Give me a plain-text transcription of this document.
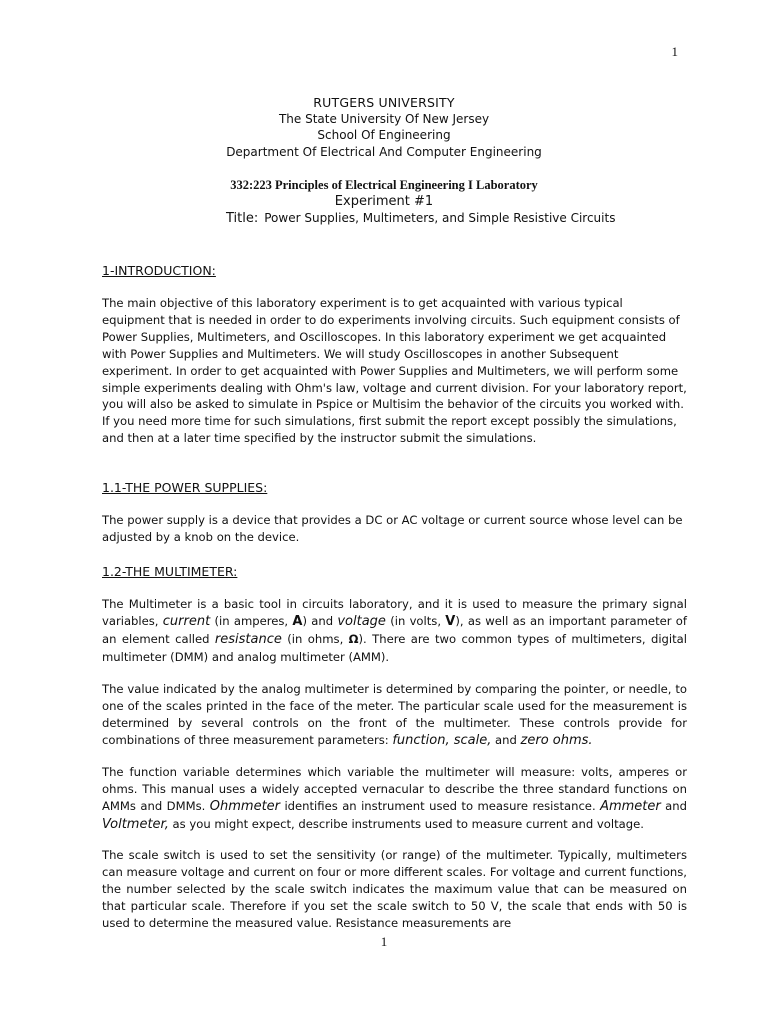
1
RUTGERS UNIVERSITY
The State University Of New Jersey
School Of Engineering
Department Of Electrical And Computer Engineering
332:223 Principles of Electrical Engineering I Laboratory
Experiment #1
Title: Power Supplies, Multimeters, and Simple Resistive Circuits
1-INTRODUCTION:

The main objective of this laboratory experiment is to get acquainted with various typical equipment that is needed in order to do experiments involving circuits. Such equipment consists of Power Supplies, Multimeters, and Oscilloscopes. In this laboratory experiment we get acquainted with Power Supplies and Multimeters. We will study Oscilloscopes in another Subsequent experiment. In order to get acquainted with Power Supplies and Multimeters, we will perform some simple experiments dealing with Ohm's law, voltage and current division. For your laboratory report, you will also be asked to simulate in Pspice or Multisim the behavior of the circuits you worked with. If you need more time for such simulations, first submit the report except possibly the simulations, and then at a later time specified by the instructor submit the simulations.

1.1-THE POWER SUPPLIES:

The power supply is a device that provides a DC or AC voltage or current source whose level can be adjusted by a knob on the device.

1.2-THE MULTIMETER:

The Multimeter is a basic tool in circuits laboratory, and it is used to measure the primary signal variables, current (in amperes, A) and voltage (in volts, V), as well as an important parameter of an element called resistance (in ohms, Ω). There are two common types of multimeters, digital multimeter (DMM) and analog multimeter (AMM).

The value indicated by the analog multimeter is determined by comparing the pointer, or needle, to one of the scales printed in the face of the meter. The particular scale used for the measurement is determined by several controls on the front of the multimeter. These controls provide for combinations of three measurement parameters: function, scale, and zero ohms.

The function variable determines which variable the multimeter will measure: volts, amperes or ohms. This manual uses a widely accepted vernacular to describe the three standard functions on AMMs and DMMs. Ohmmeter identifies an instrument used to measure resistance. Ammeter and Voltmeter, as you might expect, describe instruments used to measure current and voltage.

The scale switch is used to set the sensitivity (or range) of the multimeter. Typically, multimeters can measure voltage and current on four or more different scales. For voltage and current functions, the number selected by the scale switch indicates the maximum value that can be measured on that particular scale. Therefore if you set the scale switch to 50 V, the scale that ends with 50 is used to determine the measured value. Resistance measurements are

1
